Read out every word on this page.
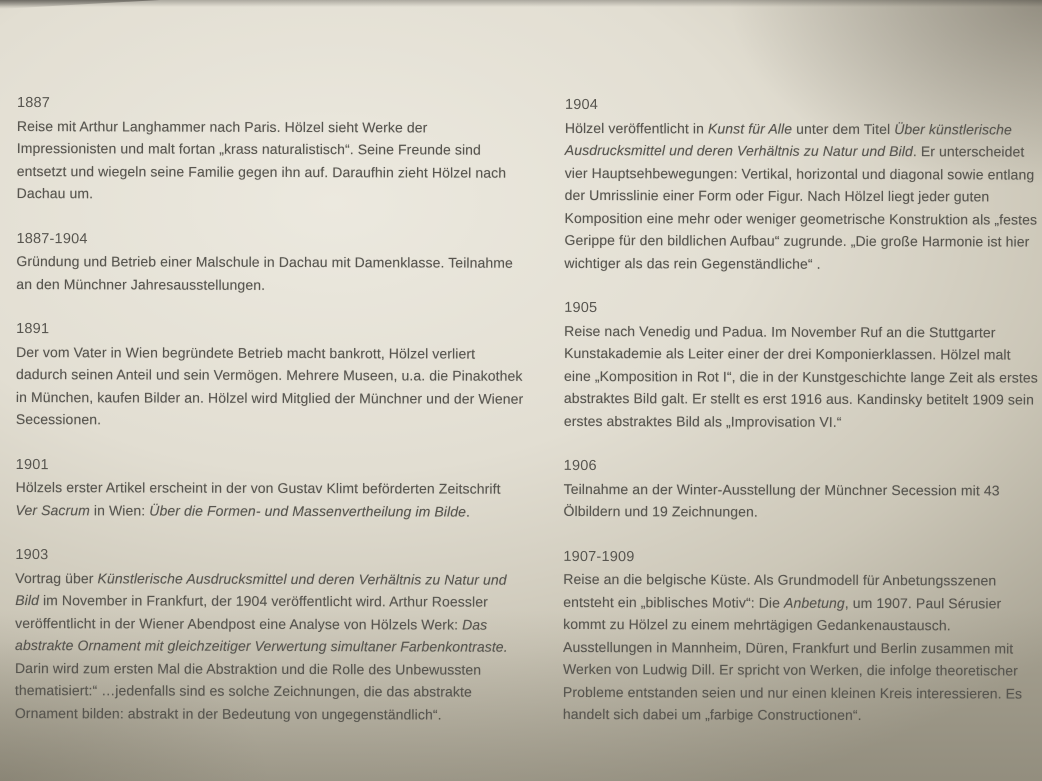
1887

Reise mit Arthur Langhammer nach Paris. Hölzel sieht Werke der Impressionisten und malt fortan „krass naturalistisch“. Seine Freunde sind entsetzt und wiegeln seine Familie gegen ihn auf. Daraufhin zieht Hölzel nach Dachau um.

1887-1904

Gründung und Betrieb einer Malschule in Dachau mit Damenklasse. Teilnahme an den Münchner Jahresausstellungen.

1891

Der vom Vater in Wien begründete Betrieb macht bankrott, Hölzel verliert dadurch seinen Anteil und sein Vermögen. Mehrere Museen, u.a. die Pinakothek in München, kaufen Bilder an. Hölzel wird Mitglied der Münchner und der Wiener Secessionen.

1901

Hölzels erster Artikel erscheint in der von Gustav Klimt beförderten Zeitschrift Ver Sacrum in Wien: Über die Formen- und Massenvertheilung im Bilde.

1903

Vortrag über Künstlerische Ausdrucksmittel und deren Verhältnis zu Natur und Bild im November in Frankfurt, der 1904 veröffentlicht wird. Arthur Roessler veröffentlicht in der Wiener Abendpost eine Analyse von Hölzels Werk: Das abstrakte Ornament mit gleichzeitiger Verwertung simultaner Farbenkontraste. Darin wird zum ersten Mal die Abstraktion und die Rolle des Unbewussten thematisiert:“ …jedenfalls sind es solche Zeichnungen, die das abstrakte Ornament bilden: abstrakt in der Bedeutung von ungegenständlich“.

1904

Hölzel veröffentlicht in Kunst für Alle unter dem Titel Über künstlerische Ausdrucksmittel und deren Verhältnis zu Natur und Bild. Er unterscheidet vier Hauptsehbewegungen: Vertikal, horizontal und diagonal sowie entlang der Umrisslinie einer Form oder Figur. Nach Hölzel liegt jeder guten Komposition eine mehr oder weniger geometrische Konstruktion als „festes Gerippe für den bildlichen Aufbau“ zugrunde. „Die große Harmonie ist hier wichtiger als das rein Gegenständliche“ .

1905

Reise nach Venedig und Padua. Im November Ruf an die Stuttgarter Kunstakademie als Leiter einer der drei Komponierklassen. Hölzel malt eine „Komposition in Rot I“, die in der Kunstgeschichte lange Zeit als erstes abstraktes Bild galt. Er stellt es erst 1916 aus. Kandinsky betitelt 1909 sein erstes abstraktes Bild als „Improvisation VI.“

1906

Teilnahme an der Winter-Ausstellung der Münchner Secession mit 43 Ölbildern und 19 Zeichnungen.

1907-1909

Reise an die belgische Küste. Als Grundmodell für Anbetungsszenen entsteht ein „biblisches Motiv“: Die Anbetung, um 1907. Paul Sérusier kommt zu Hölzel zu einem mehrtägigen Gedankenaustausch. Ausstellungen in Mannheim, Düren, Frankfurt und Berlin zusammen mit Werken von Ludwig Dill. Er spricht von Werken, die infolge theoretischer Probleme entstanden seien und nur einen kleinen Kreis interessieren. Es handelt sich dabei um „farbige Constructionen“.
